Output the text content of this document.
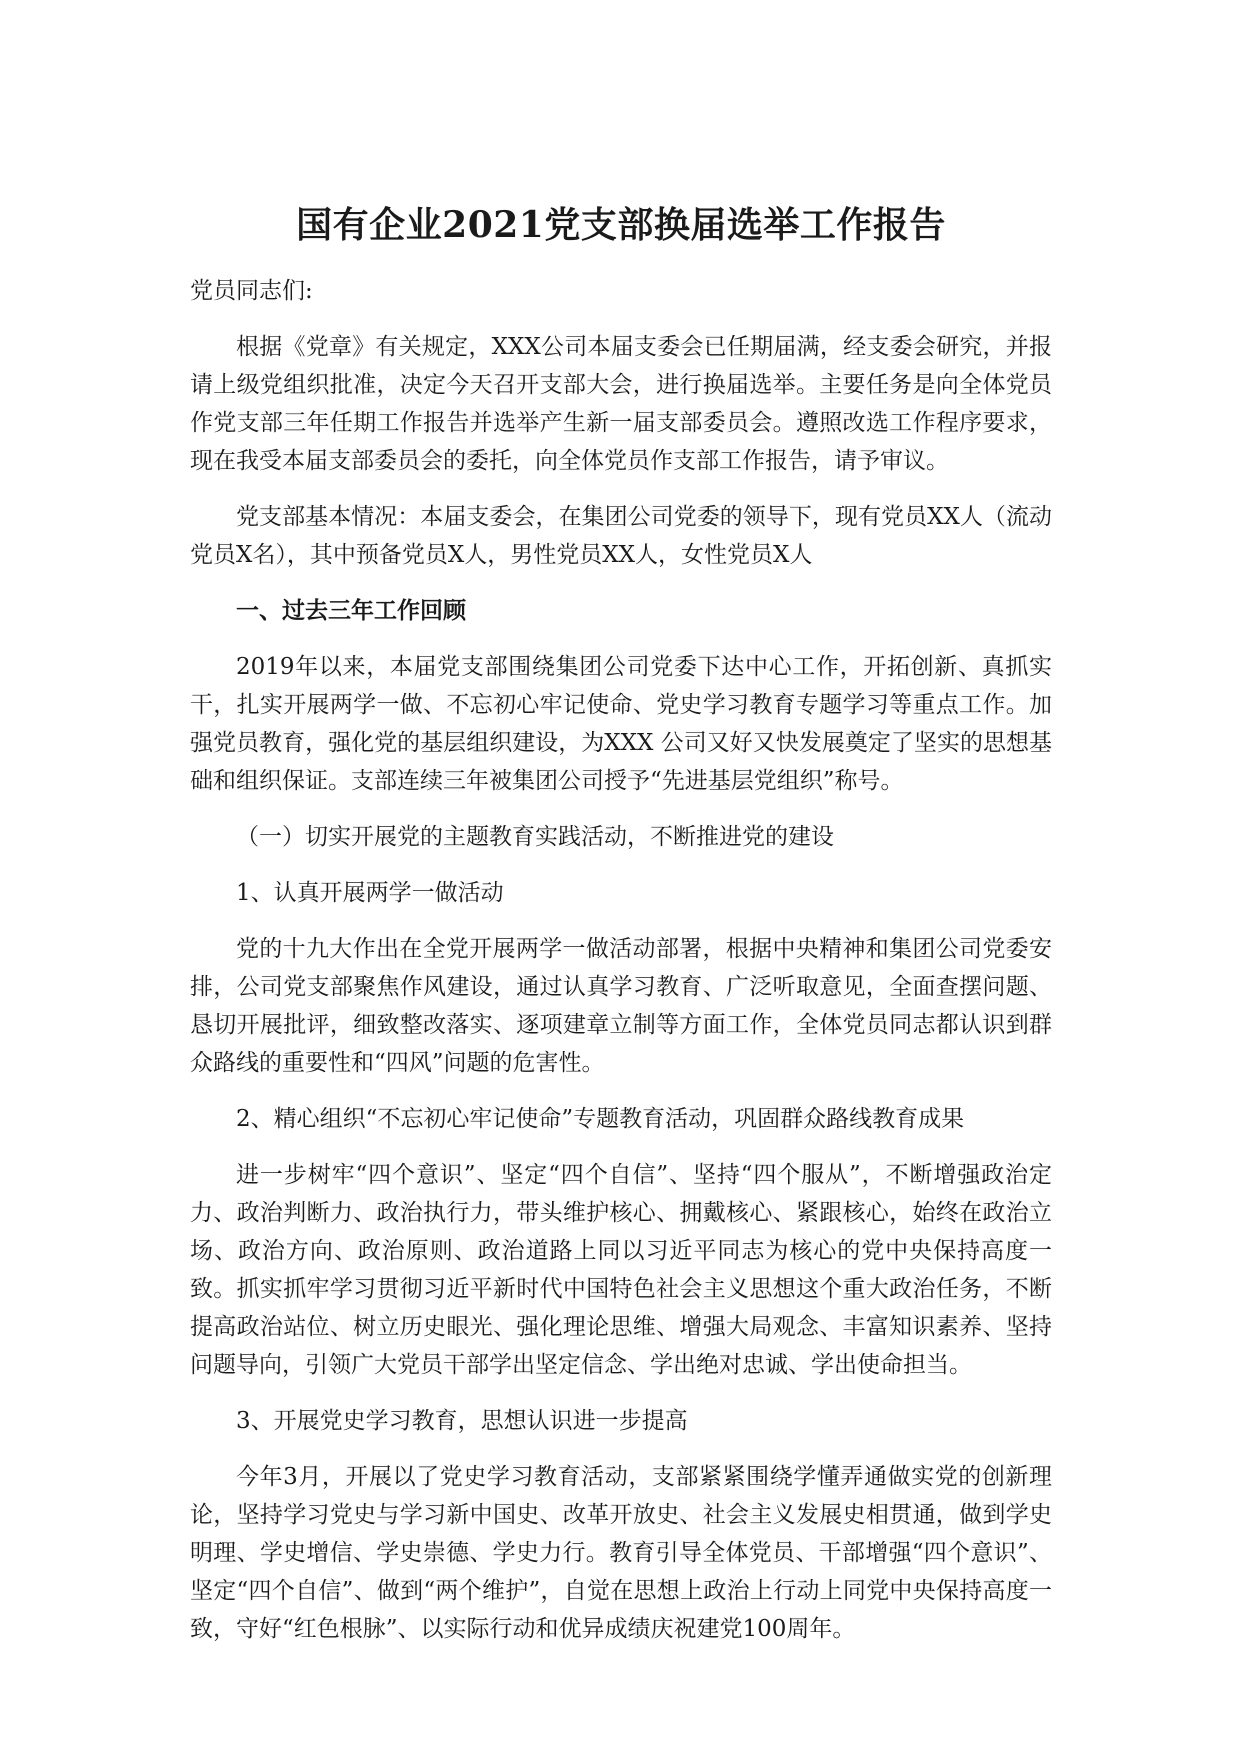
国有企业2021党支部换届选举工作报告

党员同志们:

根据《党章》有关规定，XXX公司本届支委会已任期届满，经支委会研究，并报请上级党组织批准，决定今天召开支部大会，进行换届选举。主要任务是向全体党员作党支部三年任期工作报告并选举产生新一届支部委员会。遵照改选工作程序要求，现在我受本届支部委员会的委托，向全体党员作支部工作报告，请予审议。

党支部基本情况：本届支委会，在集团公司党委的领导下，现有党员XX人（流动党员X名），其中预备党员X人，男性党员XX人，女性党员X人

一、过去三年工作回顾

2019年以来，本届党支部围绕集团公司党委下达中心工作，开拓创新、真抓实干，扎实开展两学一做、不忘初心牢记使命、党史学习教育专题学习等重点工作。加强党员教育，强化党的基层组织建设，为XXX 公司又好又快发展奠定了坚实的思想基础和组织保证。支部连续三年被集团公司授予“先进基层党组织”称号。

（一）切实开展党的主题教育实践活动，不断推进党的建设

1、认真开展两学一做活动

党的十九大作出在全党开展两学一做活动部署，根据中央精神和集团公司党委安排，公司党支部聚焦作风建设，通过认真学习教育、广泛听取意见，全面查摆问题、恳切开展批评，细致整改落实、逐项建章立制等方面工作，全体党员同志都认识到群众路线的重要性和“四风”问题的危害性。

2、精心组织“不忘初心牢记使命”专题教育活动，巩固群众路线教育成果

进一步树牢“四个意识”、坚定“四个自信”、坚持“四个服从”，不断增强政治定力、政治判断力、政治执行力，带头维护核心、拥戴核心、紧跟核心，始终在政治立场、政治方向、政治原则、政治道路上同以习近平同志为核心的党中央保持高度一致。抓实抓牢学习贯彻习近平新时代中国特色社会主义思想这个重大政治任务，不断提高政治站位、树立历史眼光、强化理论思维、增强大局观念、丰富知识素养、坚持问题导向，引领广大党员干部学出坚定信念、学出绝对忠诚、学出使命担当。

3、开展党史学习教育，思想认识进一步提高

今年3月，开展以了党史学习教育活动，支部紧紧围绕学懂弄通做实党的创新理论，坚持学习党史与学习新中国史、改革开放史、社会主义发展史相贯通，做到学史明理、学史增信、学史崇德、学史力行。教育引导全体党员、干部增强“四个意识”、坚定“四个自信”、做到“两个维护”，自觉在思想上政治上行动上同党中央保持高度一致，守好“红色根脉”、以实际行动和优异成绩庆祝建党100周年。
